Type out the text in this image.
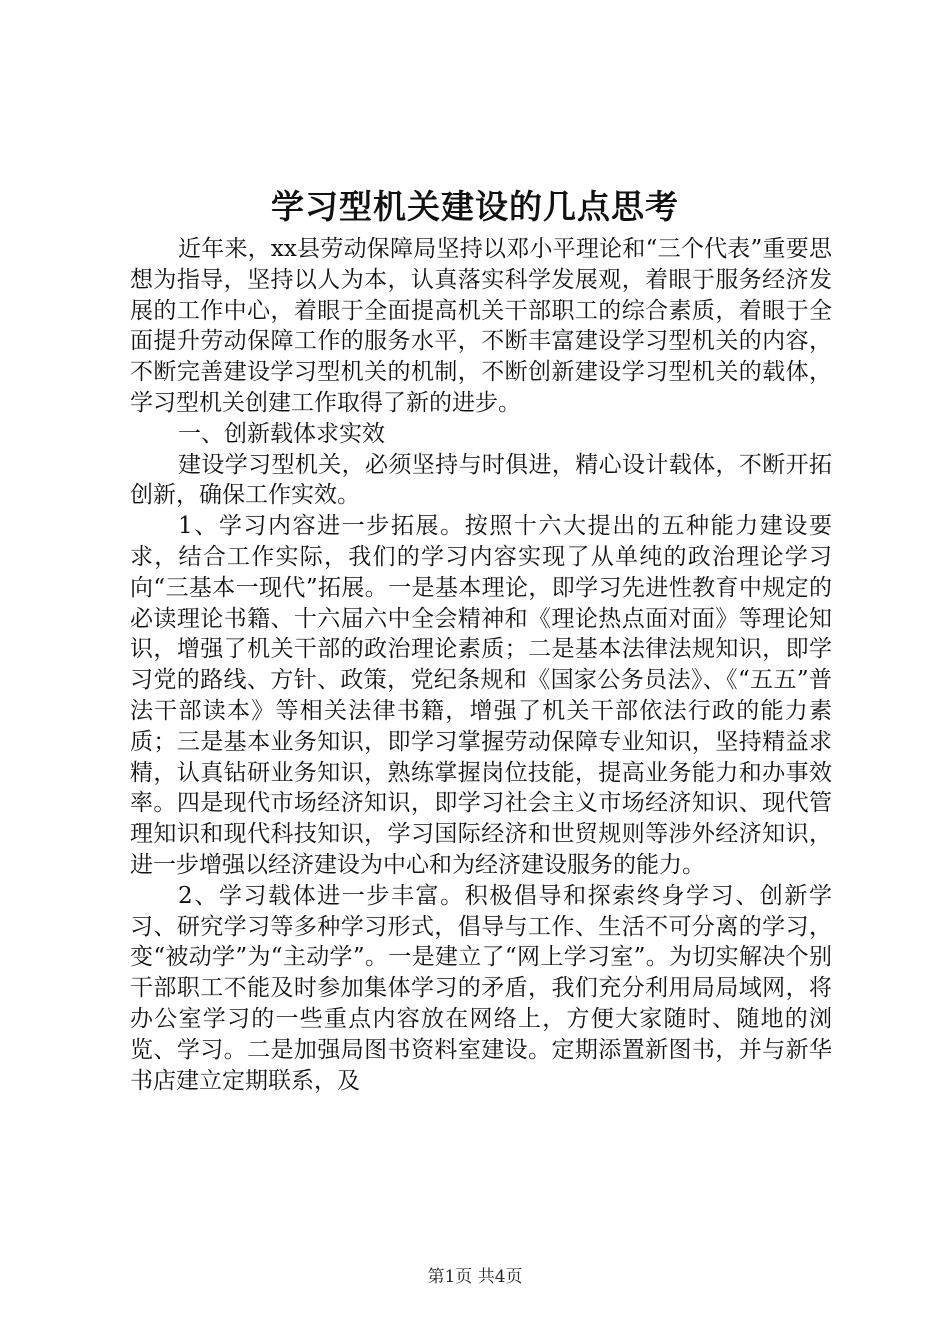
学习型机关建设的几点思考

近年来，xx县劳动保障局坚持以邓小平理论和“三个代表”重要思想为指导，坚持以人为本，认真落实科学发展观，着眼于服务经济发展的工作中心，着眼于全面提高机关干部职工的综合素质，着眼于全面提升劳动保障工作的服务水平，不断丰富建设学习型机关的内容，不断完善建设学习型机关的机制，不断创新建设学习型机关的载体，学习型机关创建工作取得了新的进步。

一、创新载体求实效

建设学习型机关，必须坚持与时俱进，精心设计载体，不断开拓创新，确保工作实效。

1、学习内容进一步拓展。按照十六大提出的五种能力建设要求，结合工作实际，我们的学习内容实现了从单纯的政治理论学习向“三基本一现代”拓展。一是基本理论，即学习先进性教育中规定的必读理论书籍、十六届六中全会精神和《理论热点面对面》等理论知识，增强了机关干部的政治理论素质；二是基本法律法规知识，即学习党的路线、方针、政策，党纪条规和《国家公务员法》、《“五五”普法干部读本》等相关法律书籍，增强了机关干部依法行政的能力素质；三是基本业务知识，即学习掌握劳动保障专业知识，坚持精益求精，认真钻研业务知识，熟练掌握岗位技能，提高业务能力和办事效率。四是现代市场经济知识，即学习社会主义市场经济知识、现代管理知识和现代科技知识，学习国际经济和世贸规则等涉外经济知识，进一步增强以经济建设为中心和为经济建设服务的能力。

2、学习载体进一步丰富。积极倡导和探索终身学习、创新学习、研究学习等多种学习形式，倡导与工作、生活不可分离的学习，变“被动学”为“主动学”。一是建立了“网上学习室”。为切实解决个别干部职工不能及时参加集体学习的矛盾，我们充分利用局局域网，将办公室学习的一些重点内容放在网络上，方便大家随时、随地的浏览、学习。二是加强局图书资料室建设。定期添置新图书，并与新华书店建立定期联系，及

第1页 共4页
